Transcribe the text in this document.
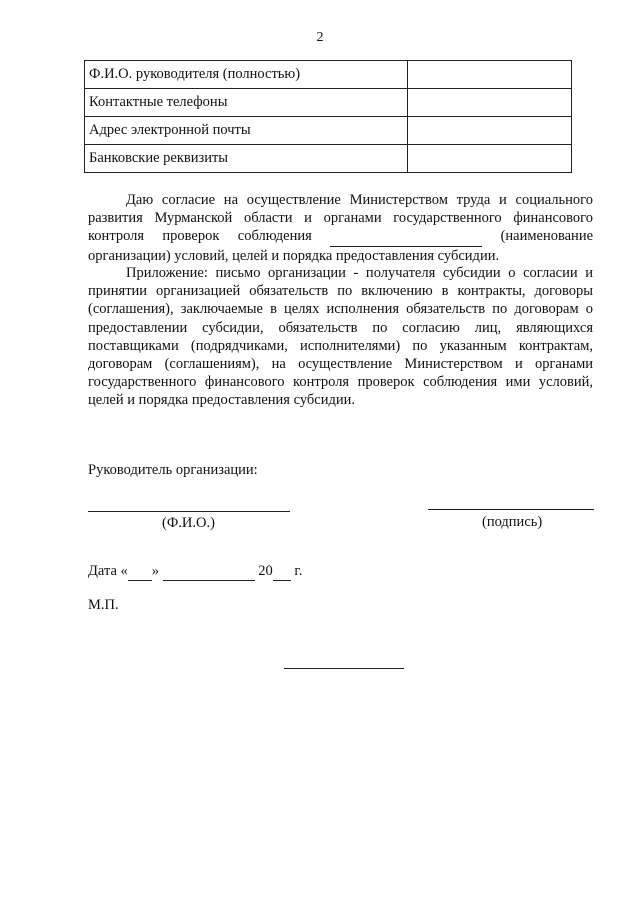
2
Ф.И.О. руководителя (полностью)	
Контактные телефоны	
Адрес электронной почты	
Банковские реквизиты	

Даю согласие на осуществление Министерством труда и социального развития Мурманской области и органами государственного финансового контроля проверок соблюдения	(наименование организации) условий, целей и порядка предоставления субсидии.

Приложение: письмо организации - получателя субсидии о согласии и принятии организацией обязательств по включению в контракты, договоры (соглашения), заключаемые в целях исполнения обязательств по договорам о предоставлении субсидии, обязательств по согласию лиц, являющихся поставщиками (подрядчиками, исполнителями) по указанным контрактам, договорам (соглашениям), на осуществление Министерством и органами государственного финансового контроля проверок соблюдения ими условий, целей и порядка предоставления субсидии.

Руководитель организации:
(Ф.И.О.)	(подпись)
Дата « »	20 г.
М.П.
